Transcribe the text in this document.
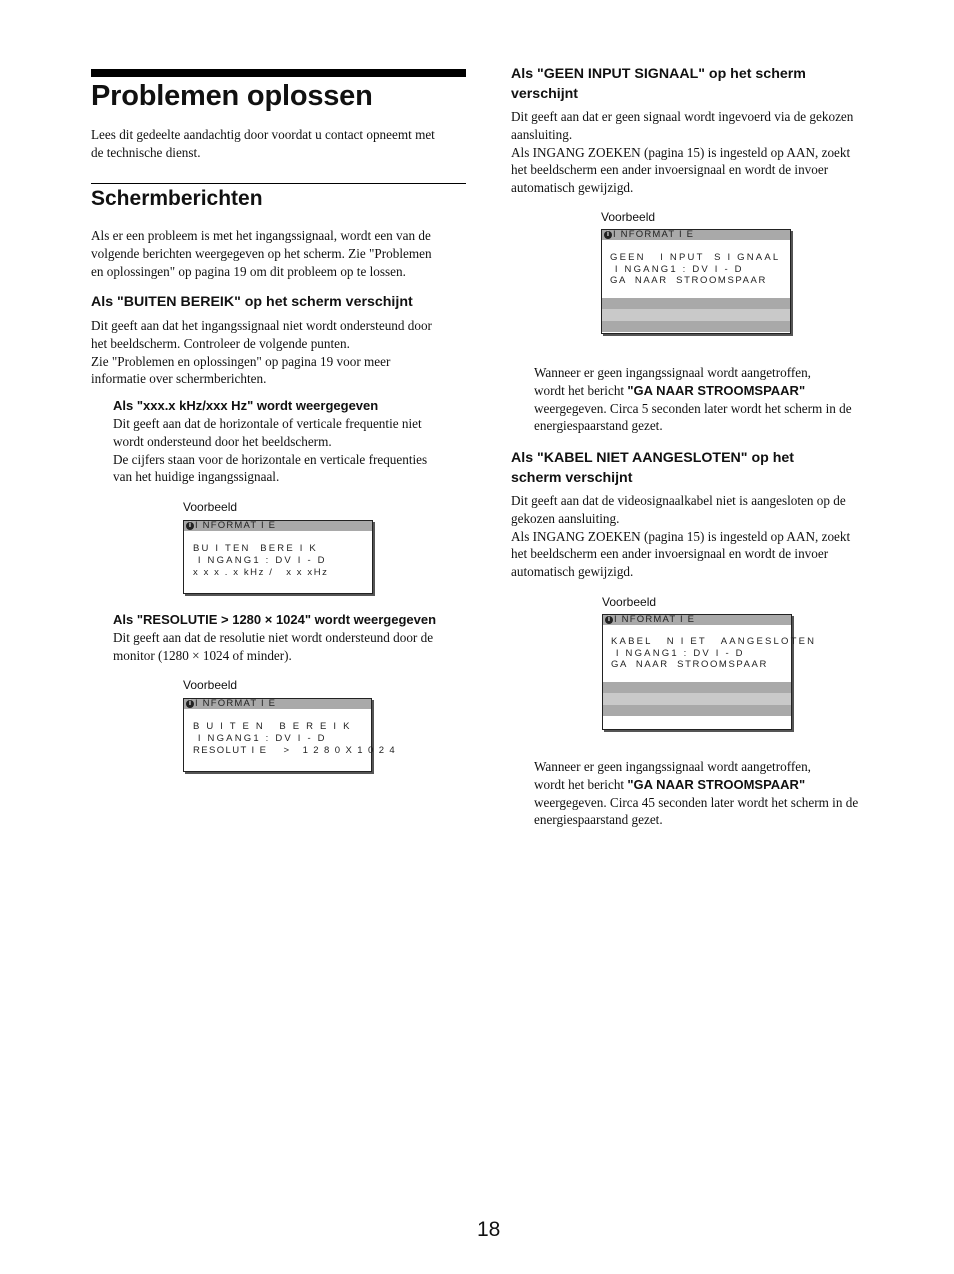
Problemen oplossen

Lees dit gedeelte aandachtig door voordat u contact opneemt met

de technische dienst.

Schermberichten

Als er een probleem is met het ingangssignaal, wordt een van de

volgende berichten weergegeven op het scherm. Zie "Problemen

en oplossingen" op pagina 19 om dit probleem op te lossen.

Als "BUITEN BEREIK" op het scherm verschijnt

Dit geeft aan dat het ingangssignaal niet wordt ondersteund door

het beeldscherm. Controleer de volgende punten.

Zie "Problemen en oplossingen" op pagina 19 voor meer

informatie over schermberichten.

Als "xxx.x kHz/xxx Hz" wordt weergegeven

Dit geeft aan dat de horizontale of verticale frequentie niet

wordt ondersteund door het beeldscherm.

De cijfers staan voor de horizontale en verticale frequenties

van het huidige ingangssignaal.

Voorbeeld
i I NFORMAT I E
BU I TEN  BERE I K
I NGANG1 : DV I - D
x x x . x kHz /   x x xHz
Als "RESOLUTIE > 1280 × 1024" wordt weergegeven

Dit geeft aan dat de resolutie niet wordt ondersteund door de

monitor (1280 × 1024 of minder).

Voorbeeld
i I NFORMAT I E
B U I T E N   B E R E I K
I NGANG1 : DV I - D
RESOLUT I E    >   1 2 8 0 X 1 0 2 4
Als "GEEN INPUT SIGNAAL" op het scherm
verschijnt

Dit geeft aan dat er geen signaal wordt ingevoerd via de gekozen

aansluiting.

Als INGANG ZOEKEN (pagina 15) is ingesteld op AAN, zoekt

het beeldscherm een ander invoersignaal en wordt de invoer

automatisch gewijzigd.

Voorbeeld
i I NFORMAT I E
GEEN   I NPUT  S I GNAAL
I NGANG1 : DV I - D
GA  NAAR  STROOMSPAAR

Wanneer er geen ingangssignaal wordt aangetroffen,

wordt het bericht "GA NAAR STROOMSPAAR"

weergegeven. Circa 5 seconden later wordt het scherm in de

energiespaarstand gezet.

Als "KABEL NIET AANGESLOTEN" op het
scherm verschijnt

Dit geeft aan dat de videosignaalkabel niet is aangesloten op de

gekozen aansluiting.

Als INGANG ZOEKEN (pagina 15) is ingesteld op AAN, zoekt

het beeldscherm een ander invoersignaal en wordt de invoer

automatisch gewijzigd.

Voorbeeld
i I NFORMAT I E
KABEL   N I ET   AANGESLOTEN
I NGANG1 : DV I - D
GA  NAAR  STROOMSPAAR

Wanneer er geen ingangssignaal wordt aangetroffen,

wordt het bericht "GA NAAR STROOMSPAAR"

weergegeven. Circa 45 seconden later wordt het scherm in de

energiespaarstand gezet.

18
